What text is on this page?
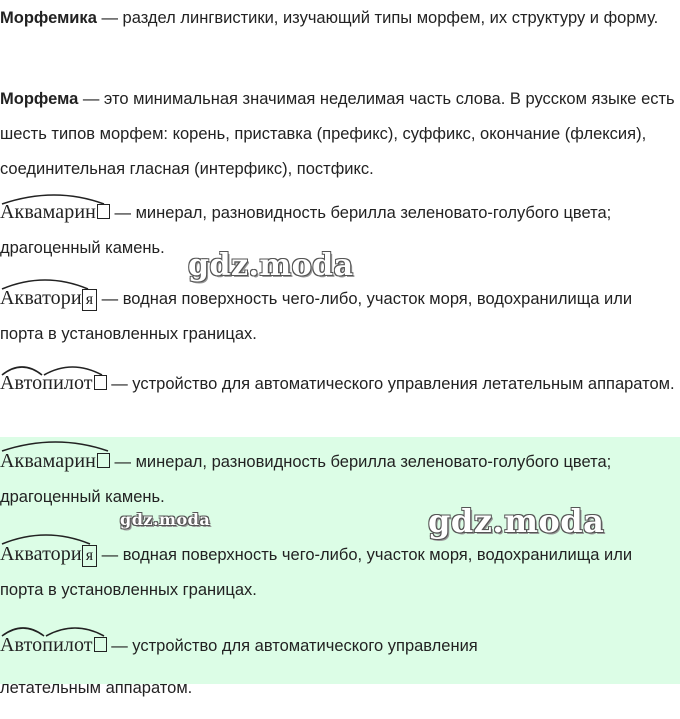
Морфемика — раздел лингвистики, изучающий типы морфем, их структуру и форму.

Морфема — это минимальная значимая неделимая часть слова. В русском языке есть шесть типов морфем: корень, приставка (префикс), суффикс, окончание (флексия), соединительная гласная (интерфикс), постфикс.

Аквамарин — минерал, разновидность берилла зеленовато-голубого цвета; драгоценный камень.

Акватори я — водная поверхность чего-либо, участок моря, водохранилища или порта в установленных границах.

Автопилот — устройство для автоматического управления летательным аппаратом.

Аквамарин — минерал, разновидность берилла зеленовато-голубого цвета; драгоценный камень.

Акватори я — водная поверхность чего-либо, участок моря, водохранилища или порта в установленных границах.

Автопилот — устройство для автоматического управления

летательным аппаратом.

gdz.moda
gdz.moda	gdz.moda
